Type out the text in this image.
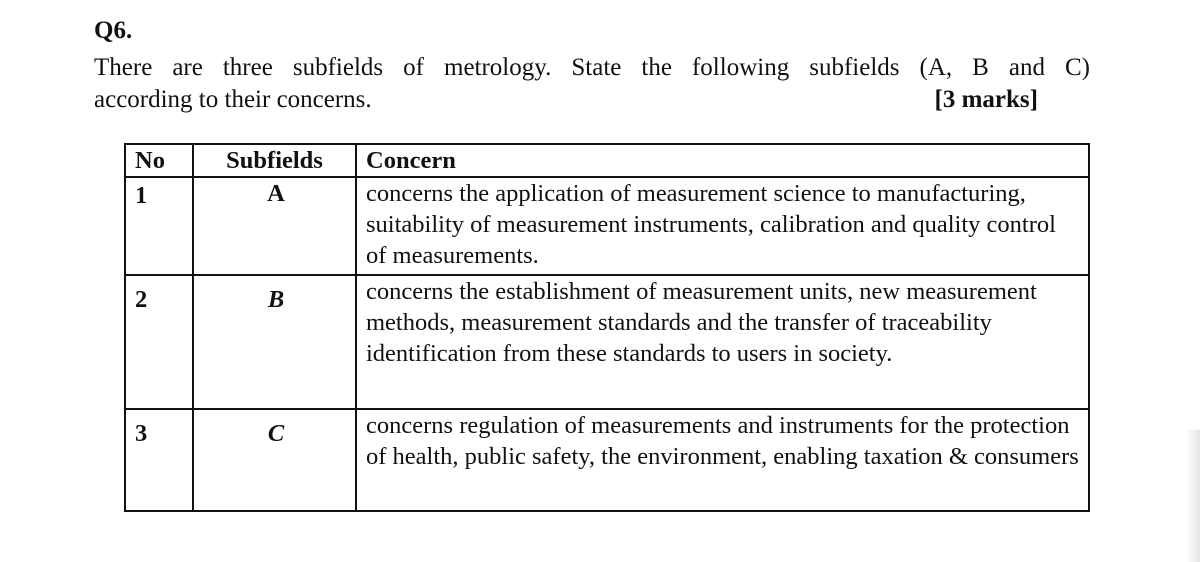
Q6.
There are three subfields of metrology. State the following subfields (A, B and C)
according to their concerns.	[3 marks]
No	Subfields	Concern
1	A	concerns the application of measurement science to manufacturing, suitability of measurement instruments, calibration and quality control of measurements.
2	B	concerns the establishment of measurement units, new measurement methods, measurement standards and the transfer of traceability identification from these standards to users in society.
3	C	concerns regulation of measurements and instruments for the protection of health, public safety, the environment, enabling taxation & consumers
